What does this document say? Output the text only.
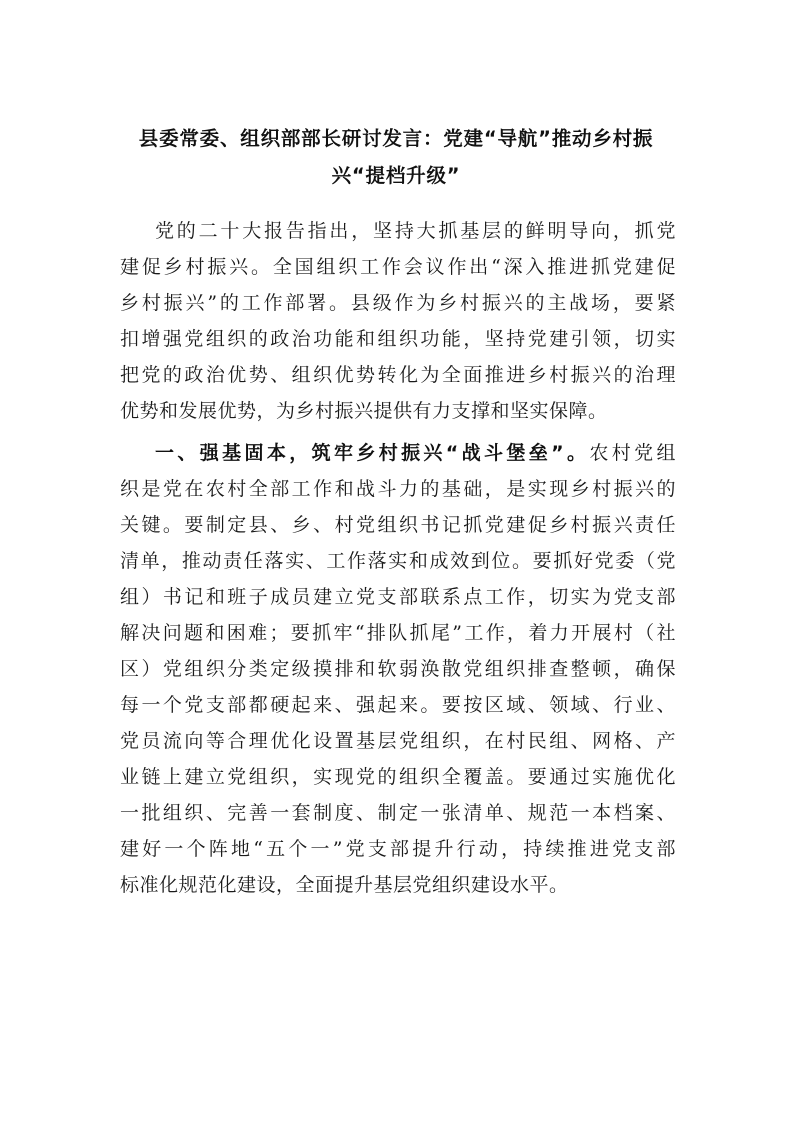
县委常委、组织部部长研讨发言：党建“导航”推动乡村振
兴“提档升级”
党的二十大报告指出，坚持大抓基层的鲜明导向，抓党
建促乡村振兴。全国组织工作会议作出“深入推进抓党建促
乡村振兴”的工作部署。县级作为乡村振兴的主战场，要紧
扣增强党组织的政治功能和组织功能，坚持党建引领，切实
把党的政治优势、组织优势转化为全面推进乡村振兴的治理
优势和发展优势，为乡村振兴提供有力支撑和坚实保障。
一、强基固本，筑牢乡村振兴“战斗堡垒”。农村党组
织是党在农村全部工作和战斗力的基础，是实现乡村振兴的
关键。要制定县、乡、村党组织书记抓党建促乡村振兴责任
清单，推动责任落实、工作落实和成效到位。要抓好党委（党
组）书记和班子成员建立党支部联系点工作，切实为党支部
解决问题和困难；要抓牢“排队抓尾”工作，着力开展村（社
区）党组织分类定级摸排和软弱涣散党组织排查整顿，确保
每一个党支部都硬起来、强起来。要按区域、领域、行业、
党员流向等合理优化设置基层党组织，在村民组、网格、产
业链上建立党组织，实现党的组织全覆盖。要通过实施优化
一批组织、完善一套制度、制定一张清单、规范一本档案、
建好一个阵地“五个一”党支部提升行动，持续推进党支部
标准化规范化建设，全面提升基层党组织建设水平。
